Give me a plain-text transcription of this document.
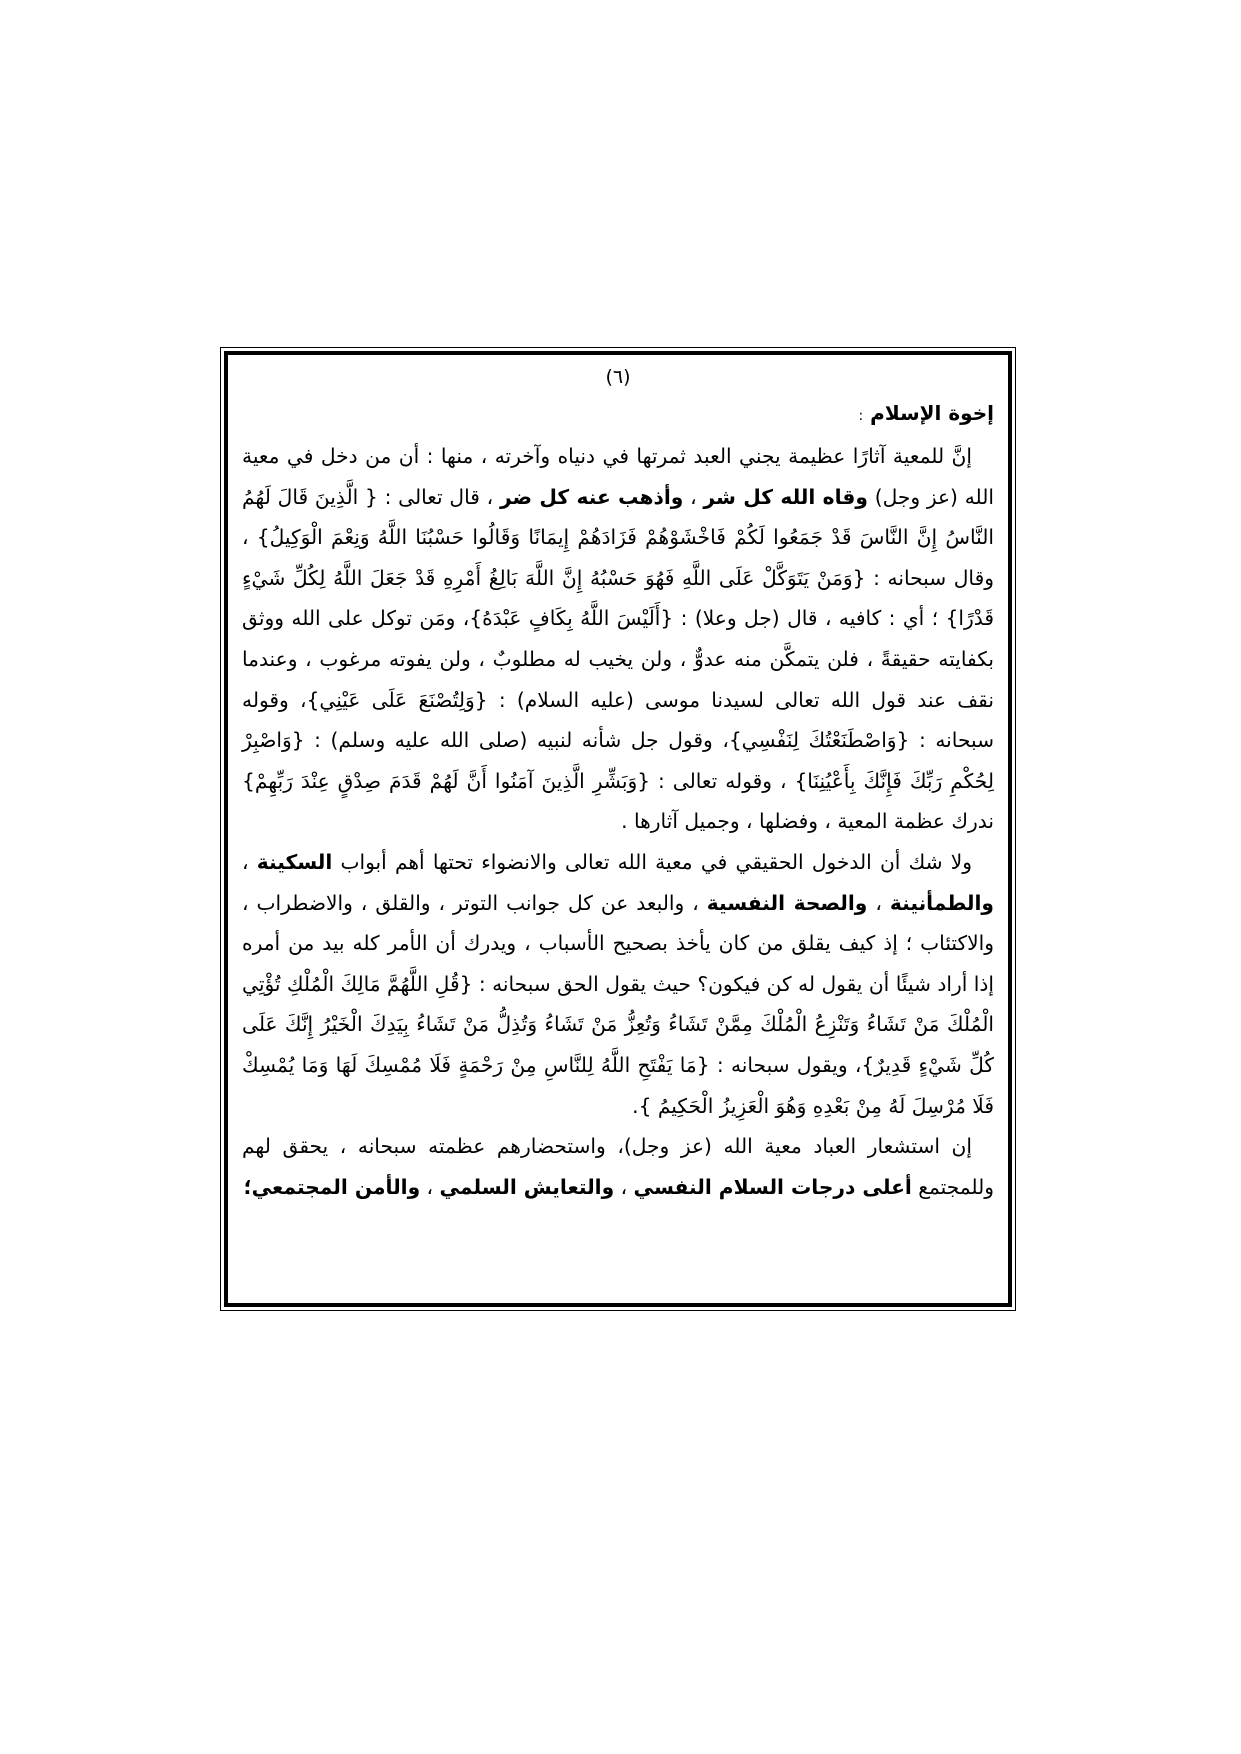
(٦)

إخوة الإسلام :

إنَّ للمعية آثارًا عظيمة يجني العبد ثمرتها في دنياه وآخرته ، منها : أن من دخل في معية الله (عز وجل) وقاه الله كل شر ، وأذهب عنه كل ضر ، قال تعالى : { الَّذِينَ قَالَ لَهُمُ النَّاسُ إِنَّ النَّاسَ قَدْ جَمَعُوا لَكُمْ فَاخْشَوْهُمْ فَزَادَهُمْ إِيمَانًا وَقَالُوا حَسْبُنَا اللَّهُ وَنِعْمَ الْوَكِيلُ} ، وقال سبحانه : {وَمَنْ يَتَوَكَّلْ عَلَى اللَّهِ فَهُوَ حَسْبُهُ إِنَّ اللَّهَ بَالِغُ أَمْرِهِ قَدْ جَعَلَ اللَّهُ لِكُلِّ شَيْءٍ قَدْرًا} ؛ أي : كافيه ، قال (جل وعلا) : {أَلَيْسَ اللَّهُ بِكَافٍ عَبْدَهُ}، ومَن توكل على الله ووثق بكفايته حقيقةً ، فلن يتمكَّن منه عدوٌّ ، ولن يخيب له مطلوبٌ ، ولن يفوته مرغوب ، وعندما نقف عند قول الله تعالى لسيدنا موسى (عليه السلام) : {وَلِتُصْنَعَ عَلَى عَيْنِي}، وقوله سبحانه : {وَاصْطَنَعْتُكَ لِنَفْسِي}، وقول جل شأنه لنبيه (صلى الله عليه وسلم) : {وَاصْبِرْ لِحُكْمِ رَبِّكَ فَإِنَّكَ بِأَعْيُنِنَا} ، وقوله تعالى : {وَبَشِّرِ الَّذِينَ آمَنُوا أَنَّ لَهُمْ قَدَمَ صِدْقٍ عِنْدَ رَبِّهِمْ} ندرك عظمة المعية ، وفضلها ، وجميل آثارها .

ولا شك أن الدخول الحقيقي في معية الله تعالى والانضواء تحتها أهم أبواب السكينة ، والطمأنينة ، والصحة النفسية ، والبعد عن كل جوانب التوتر ، والقلق ، والاضطراب ، والاكتئاب ؛ إذ كيف يقلق من كان يأخذ بصحيح الأسباب ، ويدرك أن الأمر كله بيد من أمره إذا أراد شيئًا أن يقول له كن فيكون؟ حيث يقول الحق سبحانه : {قُلِ اللَّهُمَّ مَالِكَ الْمُلْكِ تُؤْتِي الْمُلْكَ مَنْ تَشَاءُ وَتَنْزِعُ الْمُلْكَ مِمَّنْ تَشَاءُ وَتُعِزُّ مَنْ تَشَاءُ وَتُذِلُّ مَنْ تَشَاءُ بِيَدِكَ الْخَيْرُ إِنَّكَ عَلَى كُلِّ شَيْءٍ قَدِيرٌ}، ويقول سبحانه : {مَا يَفْتَحِ اللَّهُ لِلنَّاسِ مِنْ رَحْمَةٍ فَلَا مُمْسِكَ لَهَا وَمَا يُمْسِكْ فَلَا مُرْسِلَ لَهُ مِنْ بَعْدِهِ وَهُوَ الْعَزِيزُ الْحَكِيمُ }.

إن استشعار العباد معية الله (عز وجل)، واستحضارهم عظمته سبحانه ، يحقق لهم وللمجتمع أعلى درجات السلام النفسي ، والتعايش السلمي ، والأمن المجتمعي؛
